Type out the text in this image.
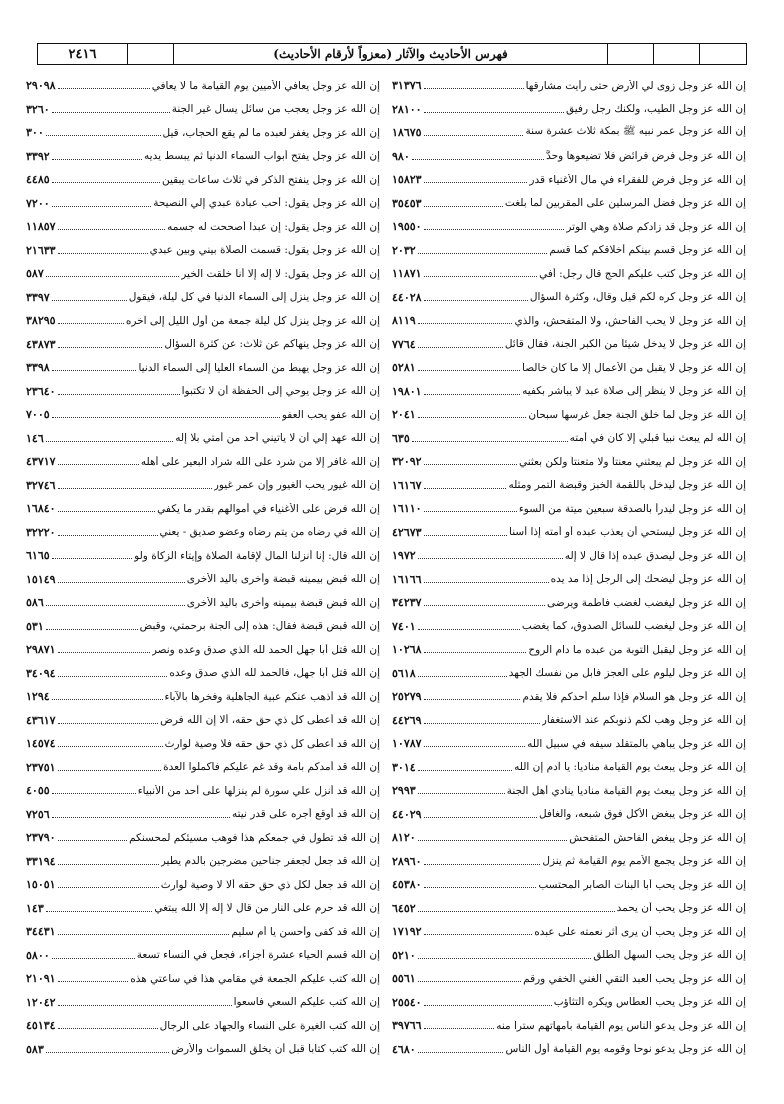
٢٤١٦	فهرس الأحاديث والآثار (معزواً لأرقام الأحاديث)
إن الله عز وجل زوى لي الأرض حتى رأيت مشارقها
٣١٣٧٦
إن الله عز وجل الطيب، ولكنك رجل رفيق
٢٨١٠٠
إن الله عز وجل عمر نبيه ﷺ بمكة ثلاث عشرة سنة
١٨٦٧٥
إن الله عز وجل فرض فرائض فلا تضيعوها وحدَّ
٩٨٠
إن الله عز وجل فرض للفقراء في مال الأغنياء قدر
١٥٨٢٣
إن الله عز وجل فضل المرسلين على المقربين لما بلغت
٣٥٤٥٣
إن الله عز وجل قد زادكم صلاة وهي الوتر
١٩٥٥٠
إن الله عز وجل قسم بينكم أخلاقكم كما قسم
٢٠٣٢
إن الله عز وجل كتب عليكم الحج قال رجل: أفي
١١٨٧١
إن الله عز وجل كره لكم قيل وقال، وكثرة السؤال
٤٤٠٢٨
إن الله عز وجل لا يحب الفاحش، ولا المتفحش، والذي
٨١١٩
إن الله عز وجل لا يدخل شيئاً من الكبر الجنة، فقال قائل
٧٧٦٤
إن الله عز وجل لا يقبل من الأعمال إلا ما كان خالصاً
٥٢٨١
إن الله عز وجل لا ينظر إلى صلاة عبد لا يباشر بكفيه
١٩٨٠١
إن الله عز وجل لما خلق الجنة جعل غرسها سبحان
٢٠٤١
إن الله لم يبعث نبياً قبلي إلا كان في أمته
٦٣٥
إن الله عز وجل لم يبعثني معنتاً ولا متعنتاً ولكن بعثني
٣٢٠٩٢
إن الله عز وجل ليدخل باللقمة الخبز وقبضة التمر ومثله
١٦١٦٧
إن الله عز وجل ليدرأ بالصدقة سبعين ميتة من السوء
١٦١١٠
إن الله عز وجل ليستحي أن يعذب عبده أو أمته إذا أسنا
٤٢٦٧٣
إن الله عز وجل ليصدق عبده إذا قال لا إله
١٩٧٢
إن الله عز وجل ليضحك إلى الرجل إذا مد يده
١٦١٦٦
إن الله عز وجل ليغضب لغضب فاطمة ويرضى
٣٤٢٣٧
إن الله عز وجل ليغضب للسائل الصدوق، كما يغضب
٧٤٠١
إن الله عز وجل ليقبل التوبة من عبده ما دام الروح
١٠٢٦٨
إن الله عز وجل ليلوم على العجز فأبل من نفسك الجهد
٥٦١٨
إن الله عز وجل هو السلام فإذا سلم أحدكم فلا يقدم
٢٥٢٧٩
إن الله عز وجل وهب لكم ذنوبكم عند الاستغفار
٤٤٢٦٩
إن الله عز وجل يباهي بالمتقلد سيفه في سبيل الله
١٠٧٨٧
إن الله عز وجل يبعث يوم القيامة منادياً: يا آدم إن الله
٣٠١٤
إن الله عز وجل يبعث يوم القيامة منادياً ينادي أهل الجنة
٢٩٩٣
إن الله عز وجل يبغض الأكل فوق شبعه، والغافل
٤٤٠٢٩
إن الله عز وجل يبغض الفاحش المتفحش
٨١٢٠
إن الله عز وجل يجمع الأمم يوم القيامة ثم ينزل
٢٨٩٦٠
إن الله عز وجل يحب أبا البنات الصابر المحتسب
٤٥٣٨٠
إن الله عز وجل يحب أن يحمد
٦٤٥٢
إن الله عز وجل يحب أن يرى أثر نعمته على عبده
١٧١٩٢
إن الله عز وجل يحب السهل الطلق
٥٢١٠
إن الله عز وجل يحب العبد التقي الغني الخفي ورقم
٥٥٦١
إن الله عز وجل يحب العطاس ويكره التثاؤب
٢٥٥٤٠
إن الله عز وجل يدعو الناس يوم القيامة بأمهاتهم ستراً منه
٣٩٧٦٦
إن الله عز وجل يدعو نوحاً وقومه يوم القيامة أول الناس
٤٦٨٠
إن الله عز وجل يعافي الأميين يوم القيامة ما لا يعافي
٢٩٠٩٨
إن الله عز وجل يعجب من سائل يسأل غير الجنة
٣٢٦٠
إن الله عز وجل يغفر لعبده ما لم يقع الحجاب، قيل
٣٠٠
إن الله عز وجل يفتح أبواب السماء الدنيا ثم يبسط يديه
٣٣٩٢
إن الله عز وجل ينفتح الذكر في ثلاث ساعات يبقين
٤٤٨٥
إن الله عز وجل يقول: أحب عبادة عبدي إلي النصيحة
٧٢٠٠
إن الله عز وجل يقول: إن عبداً أصححت له جسمه
١١٨٥٧
إن الله عز وجل يقول: قسمت الصلاة بيني وبين عبدي
٢١٦٣٣
إن الله عز وجل يقول: لا إله إلا أنا خلقت الخير
٥٨٧
إن الله عز وجل ينزل إلى السماء الدنيا في كل ليلة، فيقول
٣٣٩٧
إن الله عز وجل ينزل كل ليلة جمعة من أول الليل إلى آخره
٣٨٢٩٥
إن الله عز وجل ينهاكم عن ثلاث: عن كثرة السؤال
٤٣٨٧٣
إن الله عز وجل يهبط من السماء العليا إلى السماء الدنيا
٣٣٩٨
إن الله عز وجل يوحي إلى الحفظة أن لا تكتبوا
٢٣٦٤٠
إن الله عفو يحب العفو
٧٠٠٥
إن الله عهد إلي أن لا يأتيني أحد من أمتي بلا إله
١٤٦
إن الله غافر إلا من شرد على الله شراد البعير على أهله
٤٣٧١٧
إن الله غيور يحب الغيور وإن عمر غيور
٣٢٧٤٦
إن الله فرض على الأغنياء في أموالهم بقدر ما يكفي
١٦٨٤٠
إن الله في رضاه من يتم رضاه وعضو صديق - يعني
٣٢٢٢٠
إن الله قال: إنا أنزلنا المال لإقامة الصلاة وإيتاء الزكاة ولو
٦١٦٥
إن الله قبض بيمينه قبضة وأخرى باليد الأخرى
١٥١٤٩
إن الله قبض قبضة بيمينه وأخرى باليد الأخرى
٥٨٦
إن الله قبض قبضة فقال: هذه إلى الجنة برحمتي، وقبض
٥٣١
إن الله قتل أبا جهل الحمد لله الذي صدق وعده ونصر
٢٩٨٧١
إن الله قتل أبا جهل، فالحمد لله الذي صدق وعده
٣٤٠٩٤
إن الله قد أذهب عنكم عبية الجاهلية وفخرها بالآباء
١٢٩٤
إن الله قد أعطى كل ذي حق حقه، ألا إن الله فرض
٤٣٦١٧
إن الله قد أعطى كل ذي حق حقه فلا وصية لوارث
١٤٥٧٤
إن الله قد أمدكم بأمة وقد غم عليكم فأكملوا العدة
٢٣٧٥١
إن الله قد أنزل علي سورة لم ينزلها على أحد من الأنبياء
٤٠٥٥
إن الله قد أوقع أجره على قدر نيته
٧٢٥٦
إن الله قد تطول في جمعكم هذا فوهب مسيئكم لمحسنكم
٢٣٧٩٠
إن الله قد جعل لجعفر جناحين مضرجين بالدم يطير
٣٣١٩٤
إن الله قد جعل لكل ذي حق حقه ألا لا وصية لوارث
١٥٠٥١
إن الله قد حرم على النار من قال لا إله إلا الله يبتغي
١٤٣
إن الله قد كفى وأحسن يا أم سليم
٣٤٤٣١
إن الله قسم الحياء عشرة أجزاء، فجعل في النساء تسعة
٥٨٠٠
إن الله كتب عليكم الجمعة في مقامي هذا في ساعتي هذه
٢١٠٩١
إن الله كتب عليكم السعي فاسعوا
١٢٠٤٢
إن الله كتب الغيرة على النساء والجهاد على الرجال
٤٥١٣٤
إن الله كتب كتاباً قبل أن يخلق السموات والأرض
٥٨٣
